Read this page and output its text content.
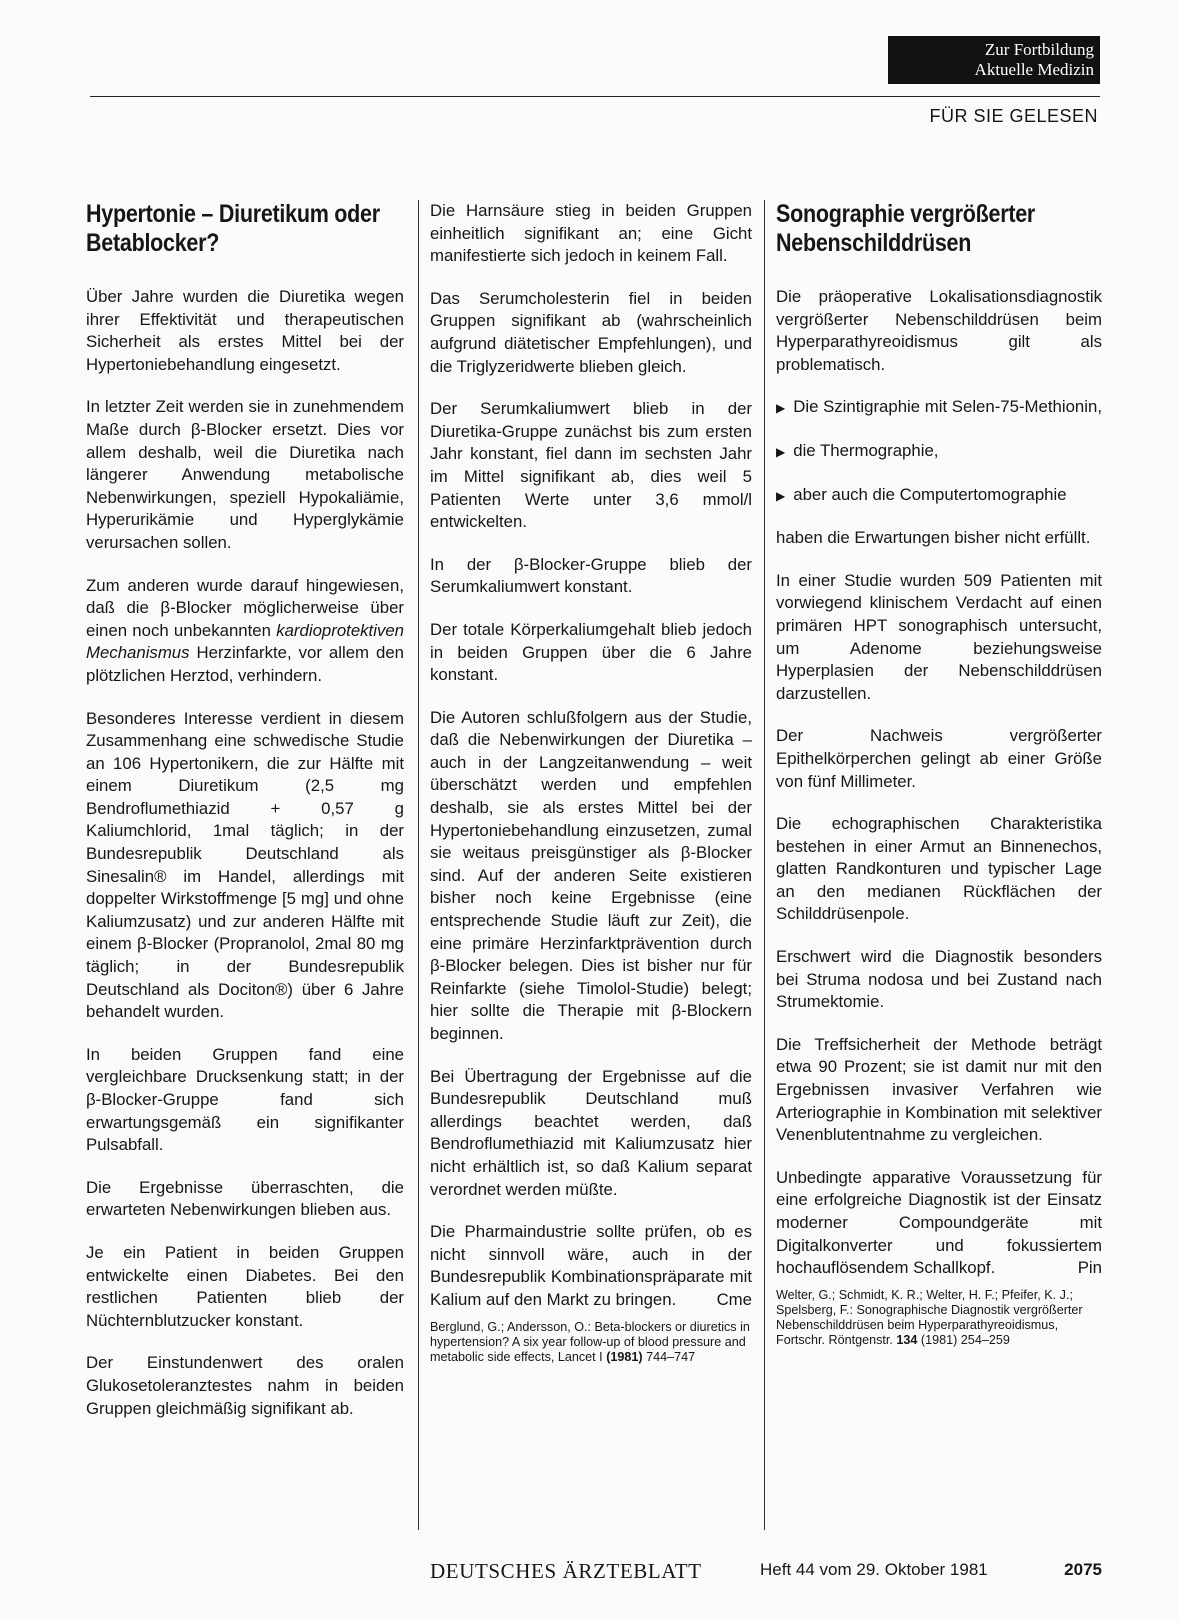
Zur Fortbildung
Aktuelle Medizin
FÜR SIE GELESEN
Hypertonie – Diuretikum oder Betablocker?

Über Jahre wurden die Diuretika wegen ihrer Effektivität und therapeutischen Sicherheit als erstes Mittel bei der Hypertoniebehandlung eingesetzt.

In letzter Zeit werden sie in zunehmendem Maße durch β-Blocker ersetzt. Dies vor allem deshalb, weil die Diuretika nach längerer Anwendung metabolische Nebenwirkungen, speziell Hypokaliämie, Hyperurikämie und Hyperglykämie verursachen sollen.

Zum anderen wurde darauf hingewiesen, daß die β-Blocker möglicherweise über einen noch unbekannten kardioprotektiven Mechanismus Herzinfarkte, vor allem den plötzlichen Herztod, verhindern.

Besonderes Interesse verdient in diesem Zusammenhang eine schwedische Studie an 106 Hypertonikern, die zur Hälfte mit einem Diuretikum (2,5 mg Bendroflumethiazid + 0,57 g Kaliumchlorid, 1mal täglich; in der Bundesrepublik Deutschland als Sinesalin® im Handel, allerdings mit doppelter Wirkstoffmenge [5 mg] und ohne Kaliumzusatz) und zur anderen Hälfte mit einem β-Blocker (Propranolol, 2mal 80 mg täglich; in der Bundesrepublik Deutschland als Dociton®) über 6 Jahre behandelt wurden.

In beiden Gruppen fand eine vergleichbare Drucksenkung statt; in der β-Blocker-Gruppe fand sich erwartungsgemäß ein signifikanter Pulsabfall.

Die Ergebnisse überraschten, die erwarteten Nebenwirkungen blieben aus.

Je ein Patient in beiden Gruppen entwickelte einen Diabetes. Bei den restlichen Patienten blieb der Nüchternblutzucker konstant.

Der Einstundenwert des oralen Glukosetoleranztestes nahm in beiden Gruppen gleichmäßig signifikant ab.

Die Harnsäure stieg in beiden Gruppen einheitlich signifikant an; eine Gicht manifestierte sich jedoch in keinem Fall.

Das Serumcholesterin fiel in beiden Gruppen signifikant ab (wahrscheinlich aufgrund diätetischer Empfehlungen), und die Triglyzeridwerte blieben gleich.

Der Serumkaliumwert blieb in der Diuretika-Gruppe zunächst bis zum ersten Jahr konstant, fiel dann im sechsten Jahr im Mittel signifikant ab, dies weil 5 Patienten Werte unter 3,6 mmol/l entwickelten.

In der β-Blocker-Gruppe blieb der Serumkaliumwert konstant.

Der totale Körperkaliumgehalt blieb jedoch in beiden Gruppen über die 6 Jahre konstant.

Die Autoren schlußfolgern aus der Studie, daß die Nebenwirkungen der Diuretika – auch in der Langzeitanwendung – weit überschätzt werden und empfehlen deshalb, sie als erstes Mittel bei der Hypertoniebehandlung einzusetzen, zumal sie weitaus preisgünstiger als β-Blocker sind. Auf der anderen Seite existieren bisher noch keine Ergebnisse (eine entsprechende Studie läuft zur Zeit), die eine primäre Herzinfarktprävention durch β-Blocker belegen. Dies ist bisher nur für Reinfarkte (siehe Timolol-Studie) belegt; hier sollte die Therapie mit β-Blockern beginnen.

Bei Übertragung der Ergebnisse auf die Bundesrepublik Deutschland muß allerdings beachtet werden, daß Bendroflumethiazid mit Kaliumzusatz hier nicht erhältlich ist, so daß Kalium separat verordnet werden müßte.

Die Pharmaindustrie sollte prüfen, ob es nicht sinnvoll wäre, auch in der Bundesrepublik Kombinationspräparate mit Kalium auf den Markt zu bringen. Cme

Berglund, G.; Andersson, O.: Beta-blockers or diuretics in hypertension? A six year follow-up of blood pressure and metabolic side effects, Lancet I (1981) 744–747
Sonographie vergrößerter Nebenschilddrüsen

Die präoperative Lokalisationsdiagnostik vergrößerter Nebenschilddrüsen beim Hyperparathyreoidismus gilt als problematisch.

▶ Die Szintigraphie mit Selen-75-Methionin,
▶ die Thermographie,
▶ aber auch die Computertomographie

haben die Erwartungen bisher nicht erfüllt.

In einer Studie wurden 509 Patienten mit vorwiegend klinischem Verdacht auf einen primären HPT sonographisch untersucht, um Adenome beziehungsweise Hyperplasien der Nebenschilddrüsen darzustellen.

Der Nachweis vergrößerter Epithelkörperchen gelingt ab einer Größe von fünf Millimeter.

Die echographischen Charakteristika bestehen in einer Armut an Binnenechos, glatten Randkonturen und typischer Lage an den medianen Rückflächen der Schilddrüsenpole.

Erschwert wird die Diagnostik besonders bei Struma nodosa und bei Zustand nach Strumektomie.

Die Treffsicherheit der Methode beträgt etwa 90 Prozent; sie ist damit nur mit den Ergebnissen invasiver Verfahren wie Arteriographie in Kombination mit selektiver Venenblutentnahme zu vergleichen.

Unbedingte apparative Voraussetzung für eine erfolgreiche Diagnostik ist der Einsatz moderner Compoundgeräte mit Digitalkonverter und fokussiertem hochauflösendem Schallkopf.	Pin

Welter, G.; Schmidt, K. R.; Welter, H. F.; Pfeifer, K. J.; Spelsberg, F.: Sonographische Diagnostik vergrößerter Nebenschilddrüsen beim Hyperparathyreoidismus, Fortschr. Röntgenstr. 134 (1981) 254–259
DEUTSCHES ÄRZTEBLATT	Heft 44 vom 29. Oktober 1981	2075
